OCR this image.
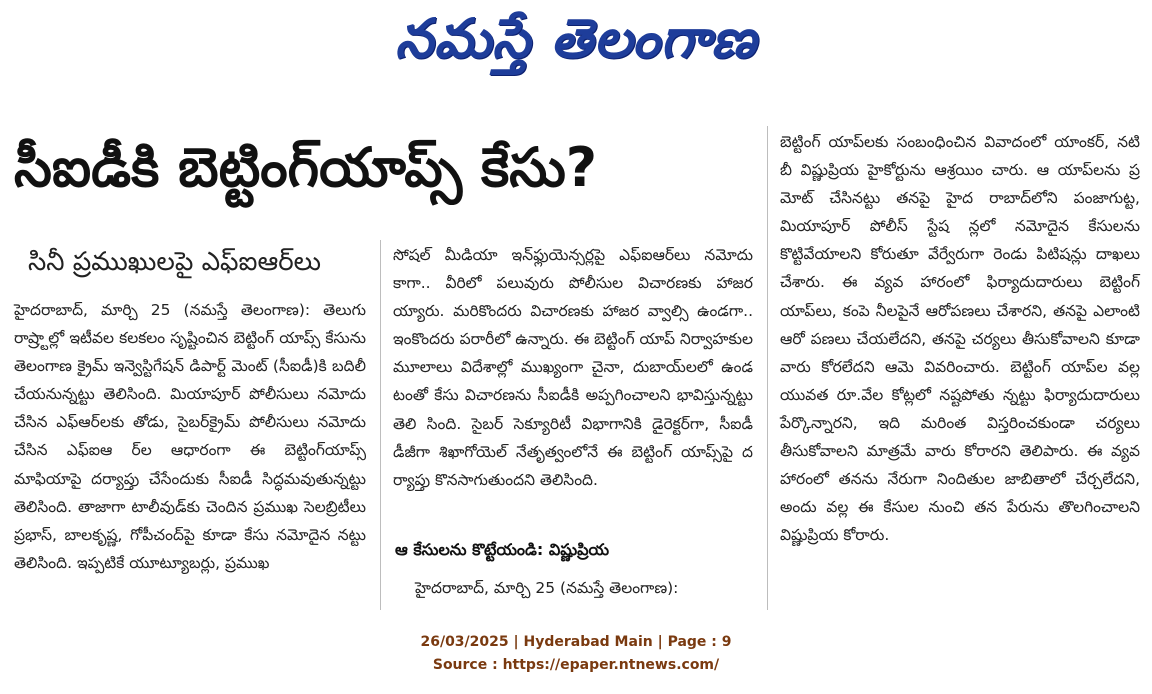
నమస్తే తెలంగాణ
సీఐడీకి బెట్టింగ్‌యాప్స్‌ కేసు?
సినీ ప్రముఖులపై ఎఫ్‌ఐఆర్‌లు

హైదరాబాద్‌, మార్చి 25 (నమస్తే తెలంగాణ): తెలుగు రాష్ర్టాల్లో ఇటీవల కలకలం సృష్టించిన బెట్టింగ్‌ యాప్స్‌ కేసును తెలంగాణ క్రైమ్‌ ఇన్వెస్టిగేషన్‌ డిపార్ట్‌ మెంట్‌ (సీఐడీ)కి బదిలీ చేయనున్నట్టు తెలిసింది. మియాపూర్‌ పోలీసులు నమోదు చేసిన ఎఫ్‌ఆర్‌లకు తోడు, సైబర్‌క్రైమ్‌ పోలీసులు నమోదు చేసిన ఎఫ్‌ఐఆ ర్‌ల ఆధారంగా ఈ బెట్టింగ్‌యాప్స్‌ మాఫియాపై దర్యాప్తు చేసేందుకు సీఐడీ సిద్ధమవుతున్నట్టు తెలిసింది. తాజాగా టాలీవుడ్‌కు చెందిన ప్రముఖ సెలబ్రిటీలు ప్రభాస్‌, బాలకృష్ణ, గోపీచంద్‌పై కూడా కేసు నమోదైన నట్టు తెలిసింది. ఇప్పటికే యూట్యూబర్లు, ప్రముఖ

సోషల్‌ మీడియా ఇన్‌ఫ్లుయెన్సర్లపై ఎఫ్‌ఐఆర్‌లు నమోదు కాగా.. వీరిలో పలువురు పోలీసుల విచారణకు హాజరయ్యారు. మరికొందరు విచారణకు హాజర వ్వాల్సి ఉండగా.. ఇంకొందరు పరారీలో ఉన్నారు. ఈ బెట్టింగ్‌ యాప్‌ నిర్వాహకుల మూలాలు విదేశాల్లో ముఖ్యంగా చైనా, దుబాయ్‌లలో ఉండటంతో కేసు విచారణను సీఐడీకి అప్పగించాలని భావిస్తున్నట్టు తెలి సింది. సైబర్‌ సెక్యూరిటీ విభాగానికి డైరెక్టర్‌గా, సీఐడీ డీజీగా శిఖాగోయెల్‌ నేతృత్వంలోనే ఈ బెట్టింగ్‌ యాప్స్‌పై దర్యాప్తు కొనసాగుతుందని తెలిసింది.

ఆ కేసులను కొట్టేయండి: విష్ణుప్రియ
హైదరాబాద్‌, మార్చి 25 (నమస్తే తెలంగాణ):

బెట్టింగ్‌ యాప్‌లకు సంబంధించిన వివాదంలో యాంకర్‌, నటి బీ విష్ణుప్రియ హైకోర్టును ఆశ్రయిం చారు. ఆ యాప్‌లను ప్రమోట్‌ చేసినట్టు తనపై హైద రాబాద్‌లోని పంజాగుట్ట, మియాపూర్‌ పోలీస్‌ స్టేష న్లలో నమోదైన కేసులను కొట్టివేయాలని కోరుతూ వేర్వేరుగా రెండు పిటిషన్లు దాఖలు చేశారు. ఈ వ్యవ హారంలో ఫిర్యాదుదారులు బెట్టింగ్‌ యాప్‌లు, కంపె నీలపైనే ఆరోపణలు చేశారని, తనపై ఎలాంటి ఆరో పణలు చేయలేదని, తనపై చర్యలు తీసుకోవాలని కూడా వారు కోరలేదని ఆమె వివరించారు. బెట్టింగ్‌ యాప్‌ల వల్ల యువత రూ.వేల కోట్లలో నష్టపోతు న్నట్టు ఫిర్యాదుదారులు పేర్కొన్నారని, ఇది మరింత విస్తరించకుండా చర్యలు తీసుకోవాలని మాత్రమే వారు కోరారని తెలిపారు. ఈ వ్యవహారంలో తనను నేరుగా నిందితుల జాబితాలో చేర్చలేదని, అందు వల్ల ఈ కేసుల నుంచి తన పేరును తొలగించాలని విష్ణుప్రియ కోరారు.

26/03/2025 | Hyderabad Main | Page : 9
Source : https://epaper.ntnews.com/
